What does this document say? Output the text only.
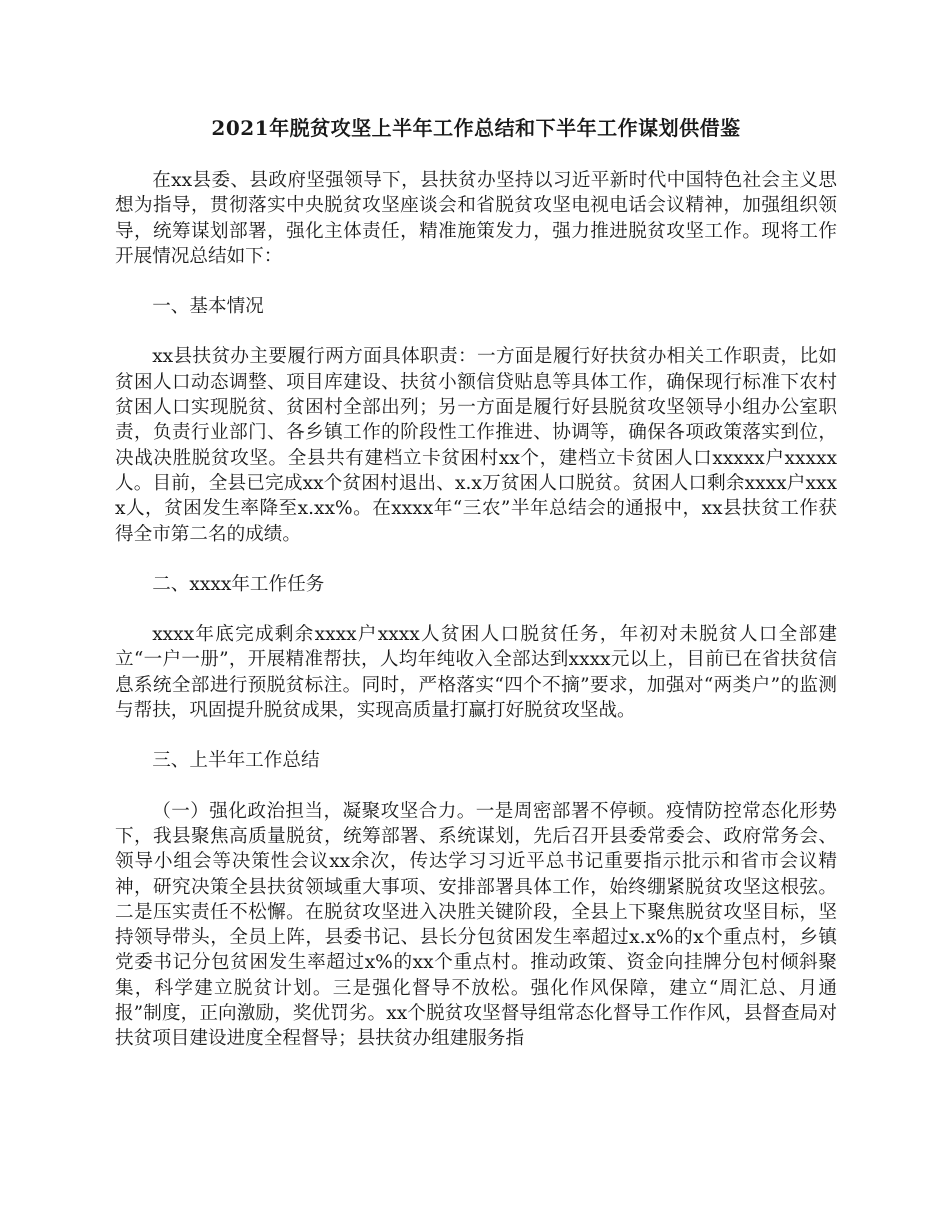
2021年脱贫攻坚上半年工作总结和下半年工作谋划供借鉴

在xx县委、县政府坚强领导下，县扶贫办坚持以习近平新时代中国特色社会主义思想为指导，贯彻落实中央脱贫攻坚座谈会和省脱贫攻坚电视电话会议精神，加强组织领导，统筹谋划部署，强化主体责任，精准施策发力，强力推进脱贫攻坚工作。现将工作开展情况总结如下：

一、基本情况

xx县扶贫办主要履行两方面具体职责：一方面是履行好扶贫办相关工作职责，比如贫困人口动态调整、项目库建设、扶贫小额信贷贴息等具体工作，确保现行标准下农村贫困人口实现脱贫、贫困村全部出列；另一方面是履行好县脱贫攻坚领导小组办公室职责，负责行业部门、各乡镇工作的阶段性工作推进、协调等，确保各项政策落实到位，决战决胜脱贫攻坚。全县共有建档立卡贫困村xx个，建档立卡贫困人口xxxxx户xxxxx人。目前，全县已完成xx个贫困村退出、x.x万贫困人口脱贫。贫困人口剩余xxxx户xxxx人，贫困发生率降至x.xx%。在xxxx年“三农”半年总结会的通报中，xx县扶贫工作获得全市第二名的成绩。

二、xxxx年工作任务

xxxx年底完成剩余xxxx户xxxx人贫困人口脱贫任务，年初对未脱贫人口全部建立“一户一册”，开展精准帮扶，人均年纯收入全部达到xxxx元以上，目前已在省扶贫信息系统全部进行预脱贫标注。同时，严格落实“四个不摘”要求，加强对“两类户”的监测与帮扶，巩固提升脱贫成果，实现高质量打赢打好脱贫攻坚战。

三、上半年工作总结

（一）强化政治担当，凝聚攻坚合力。一是周密部署不停顿。疫情防控常态化形势下，我县聚焦高质量脱贫，统筹部署、系统谋划，先后召开县委常委会、政府常务会、领导小组会等决策性会议xx余次，传达学习习近平总书记重要指示批示和省市会议精神，研究决策全县扶贫领域重大事项、安排部署具体工作，始终绷紧脱贫攻坚这根弦。二是压实责任不松懈。在脱贫攻坚进入决胜关键阶段，全县上下聚焦脱贫攻坚目标，坚持领导带头，全员上阵，县委书记、县长分包贫困发生率超过x.x%的x个重点村，乡镇党委书记分包贫困发生率超过x%的xx个重点村。推动政策、资金向挂牌分包村倾斜聚集，科学建立脱贫计划。三是强化督导不放松。强化作风保障，建立“周汇总、月通报”制度，正向激励，奖优罚劣。xx个脱贫攻坚督导组常态化督导工作作风，县督查局对扶贫项目建设进度全程督导；县扶贫办组建服务指
